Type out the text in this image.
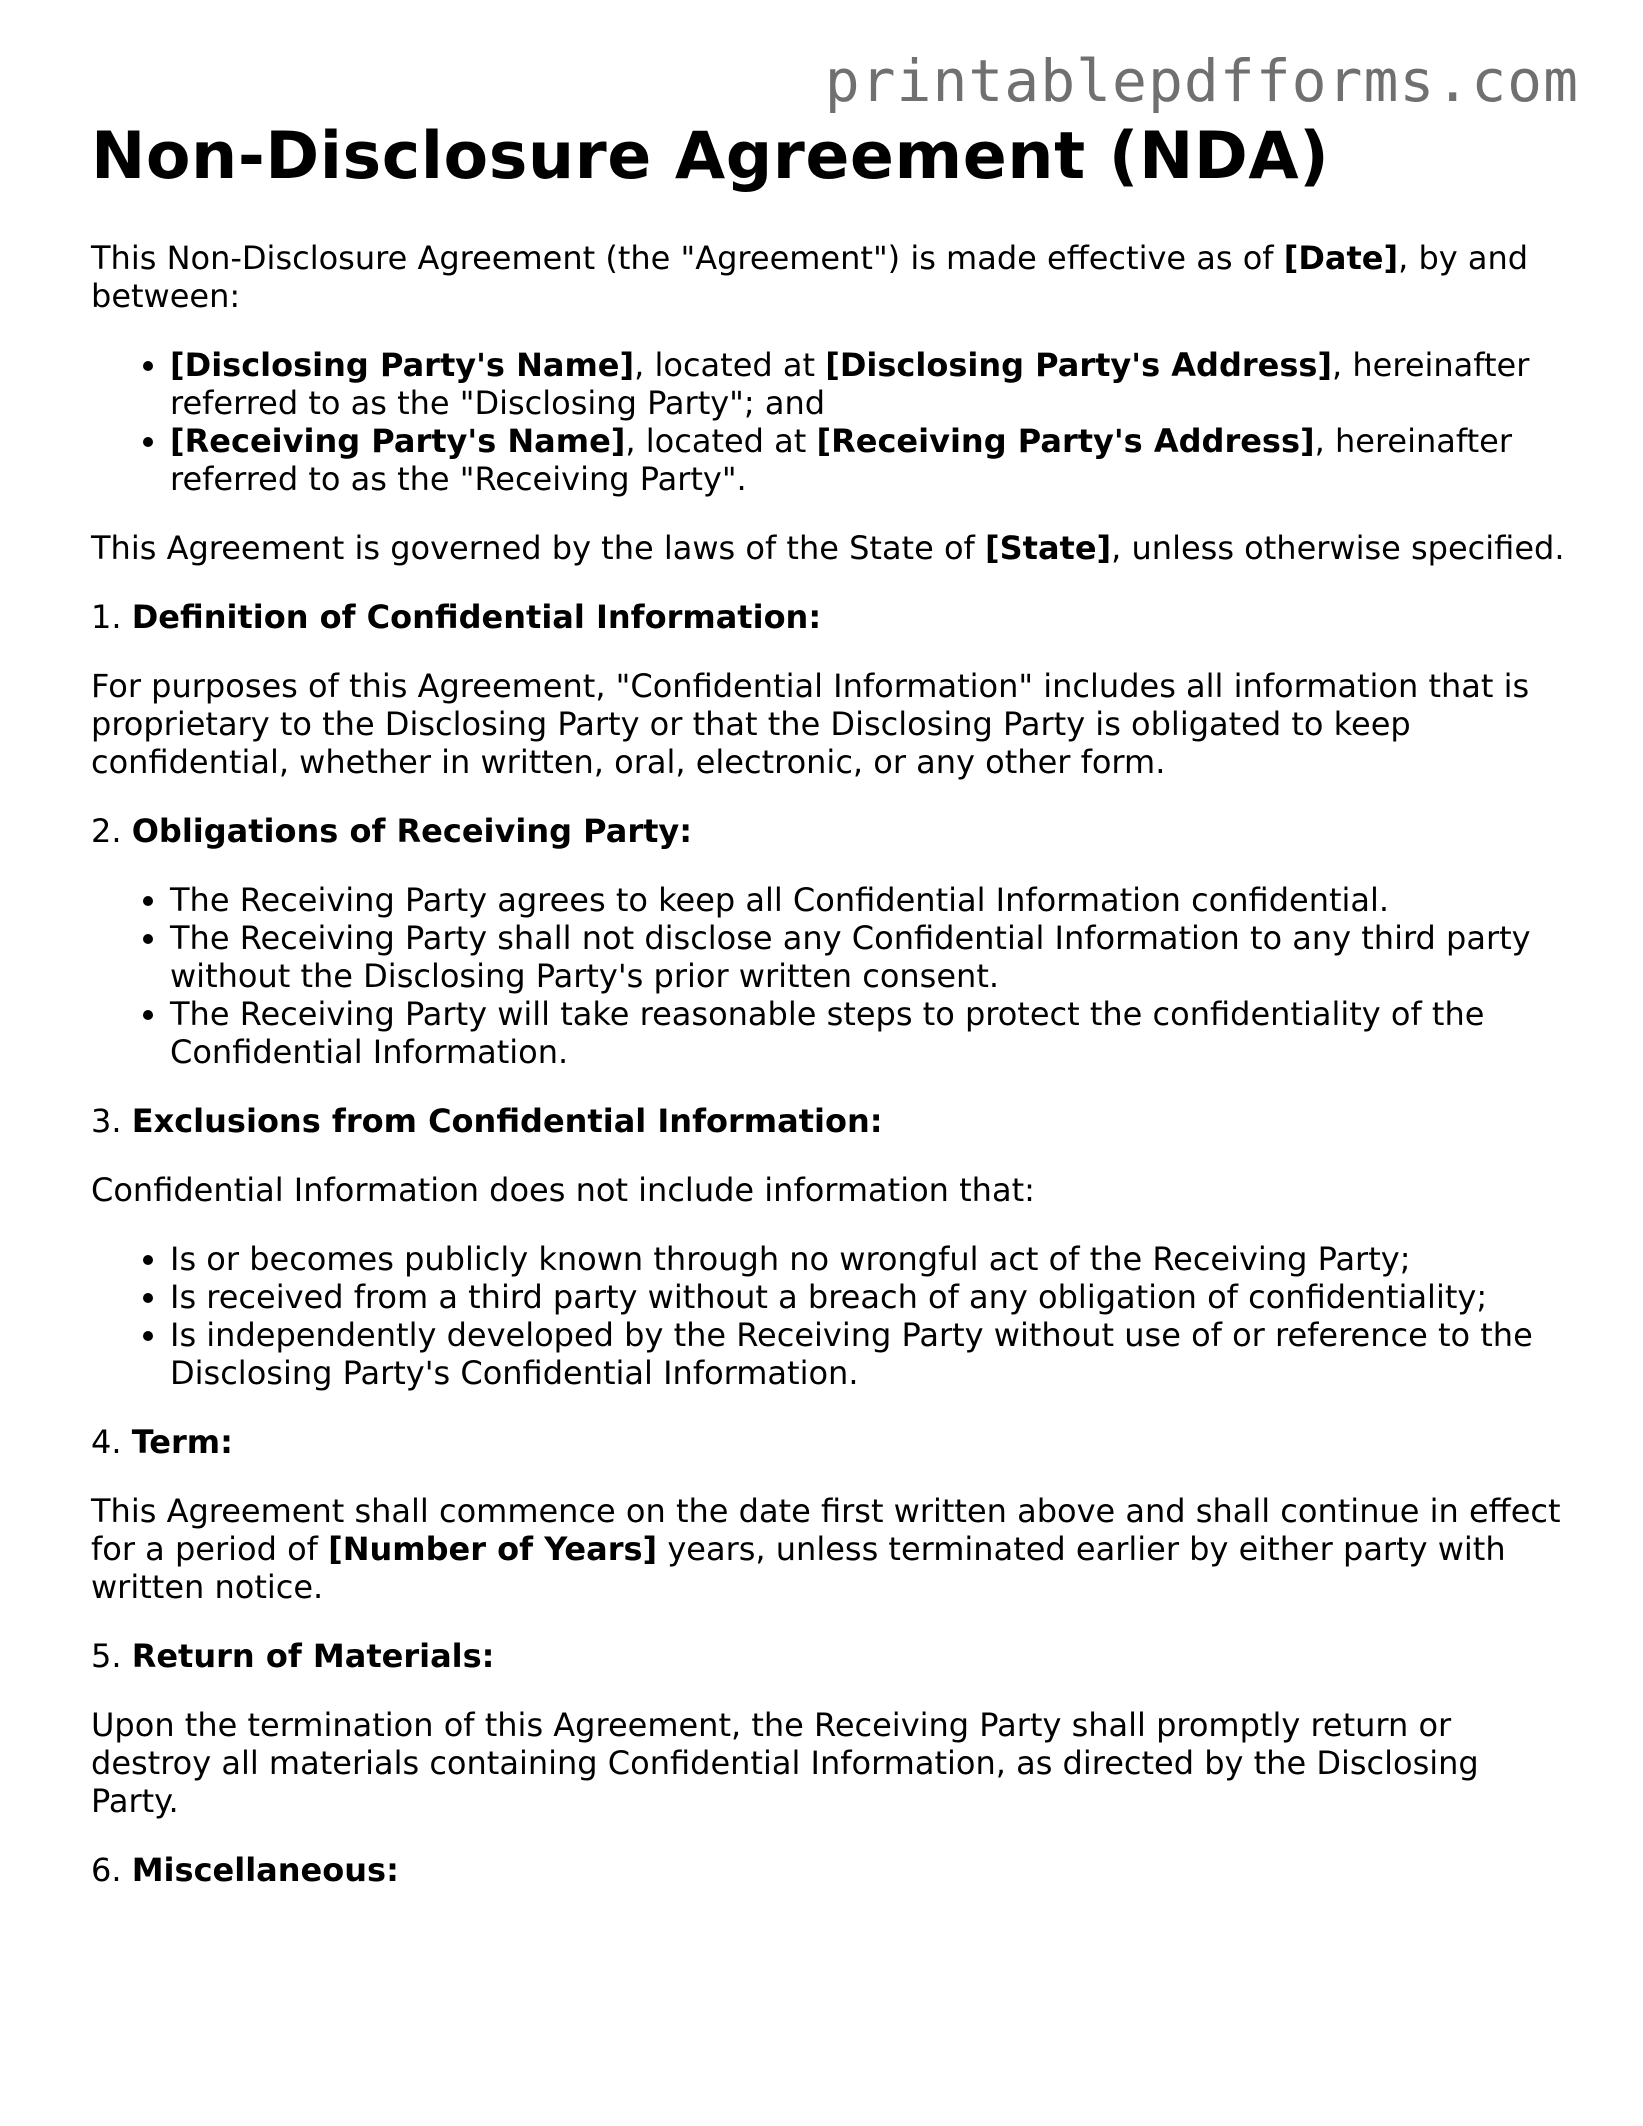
printablepdfforms.com
Non-Disclosure Agreement (NDA)

This Non-Disclosure Agreement (the "Agreement") is made effective as of [Date], by and between:

• [Disclosing Party's Name], located at [Disclosing Party's Address], hereinafter referred to as the "Disclosing Party"; and
• [Receiving Party's Name], located at [Receiving Party's Address], hereinafter referred to as the "Receiving Party".

This Agreement is governed by the laws of the State of [State], unless otherwise specified.

1. Definition of Confidential Information:

For purposes of this Agreement, "Confidential Information" includes all information that is proprietary to the Disclosing Party or that the Disclosing Party is obligated to keep confidential, whether in written, oral, electronic, or any other form.

2. Obligations of Receiving Party:
• The Receiving Party agrees to keep all Confidential Information confidential.
• The Receiving Party shall not disclose any Confidential Information to any third party without the Disclosing Party's prior written consent.
• The Receiving Party will take reasonable steps to protect the confidentiality of the Confidential Information.
3. Exclusions from Confidential Information:

Confidential Information does not include information that:

• Is or becomes publicly known through no wrongful act of the Receiving Party;
• Is received from a third party without a breach of any obligation of confidentiality;
• Is independently developed by the Receiving Party without use of or reference to the Disclosing Party's Confidential Information.
4. Term:

This Agreement shall commence on the date first written above and shall continue in effect for a period of [Number of Years] years, unless terminated earlier by either party with written notice.

5. Return of Materials:

Upon the termination of this Agreement, the Receiving Party shall promptly return or destroy all materials containing Confidential Information, as directed by the Disclosing Party.

6. Miscellaneous:
